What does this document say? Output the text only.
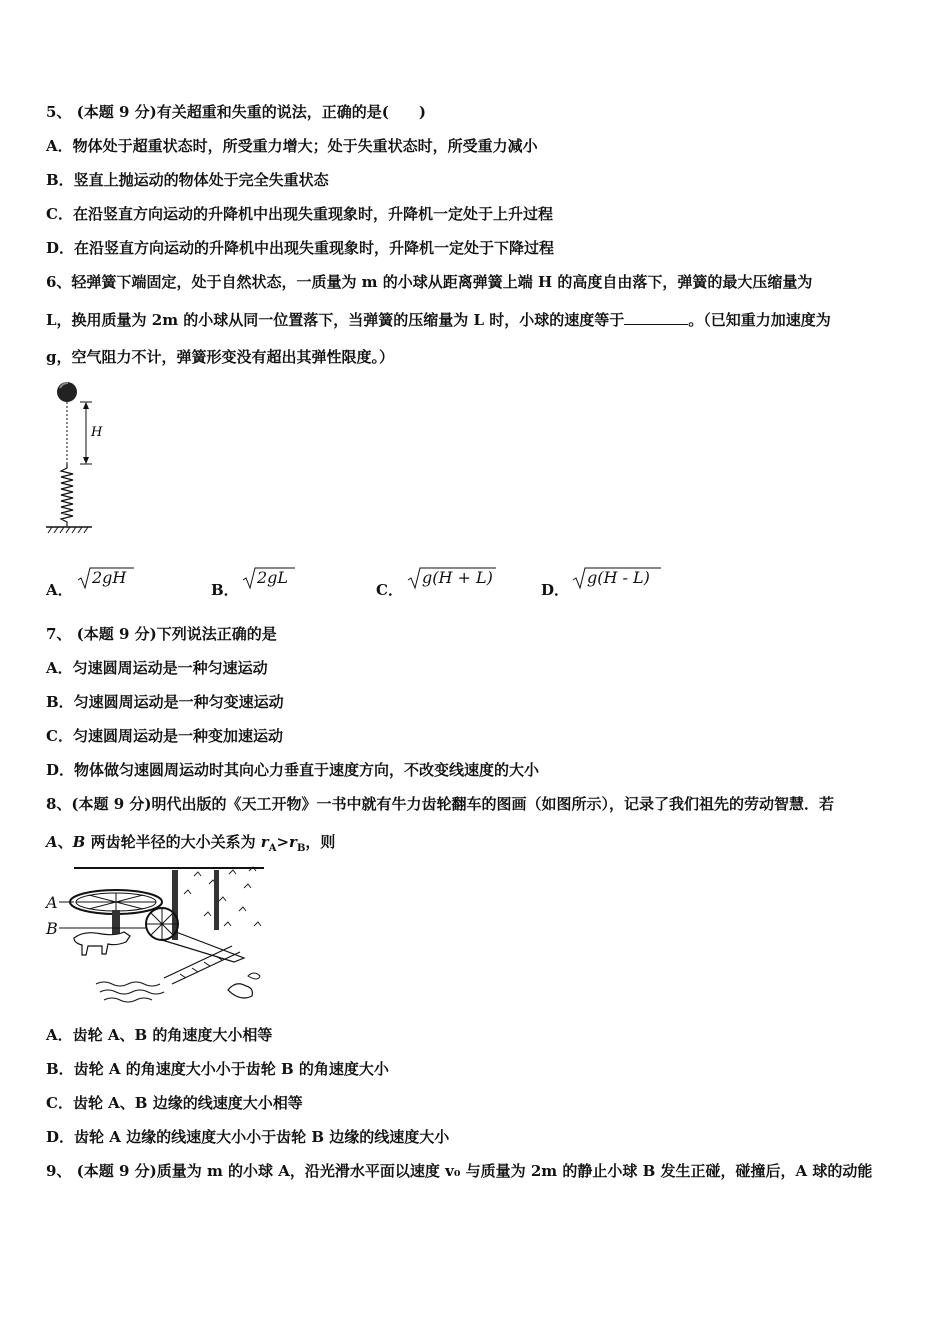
5、 (本题 9 分)有关超重和失重的说法，正确的是(　　)
A．物体处于超重状态时，所受重力增大；处于失重状态时，所受重力减小
B．竖直上抛运动的物体处于完全失重状态
C．在沿竖直方向运动的升降机中出现失重现象时，升降机一定处于上升过程
D．在沿竖直方向运动的升降机中出现失重现象时，升降机一定处于下降过程
6、轻弹簧下端固定，处于自然状态，一质量为 m 的小球从距离弹簧上端 H 的高度自由落下，弹簧的最大压缩量为
L，换用质量为 2m 的小球从同一位置落下，当弹簧的压缩量为 L 时，小球的速度等于	。（已知重力加速度为
g，空气阻力不计，弹簧形变没有超出其弹性限度。）
H
A．
2gH
B．
2gL
C．
g(H + L)
D．
g(H - L)
7、 (本题 9 分)下列说法正确的是
A．匀速圆周运动是一种匀速运动
B．匀速圆周运动是一种匀变速运动
C．匀速圆周运动是一种变加速运动
D．物体做匀速圆周运动时其向心力垂直于速度方向，不改变线速度的大小
8、(本题 9 分)明代出版的《天工开物》一书中就有牛力齿轮翻车的图画（如图所示），记录了我们祖先的劳动智慧．若
A、B 两齿轮半径的大小关系为 $r_A>r_B$，则
A
B
A．齿轮 A、B 的角速度大小相等
B．齿轮 A 的角速度大小小于齿轮 B 的角速度大小
C．齿轮 A、B 边缘的线速度大小相等
D．齿轮 A 边缘的线速度大小小于齿轮 B 边缘的线速度大小
9、 (本题 9 分)质量为 m 的小球 A，沿光滑水平面以速度 v₀ 与质量为 2m 的静止小球 B 发生正碰，碰撞后，A 球的动能
